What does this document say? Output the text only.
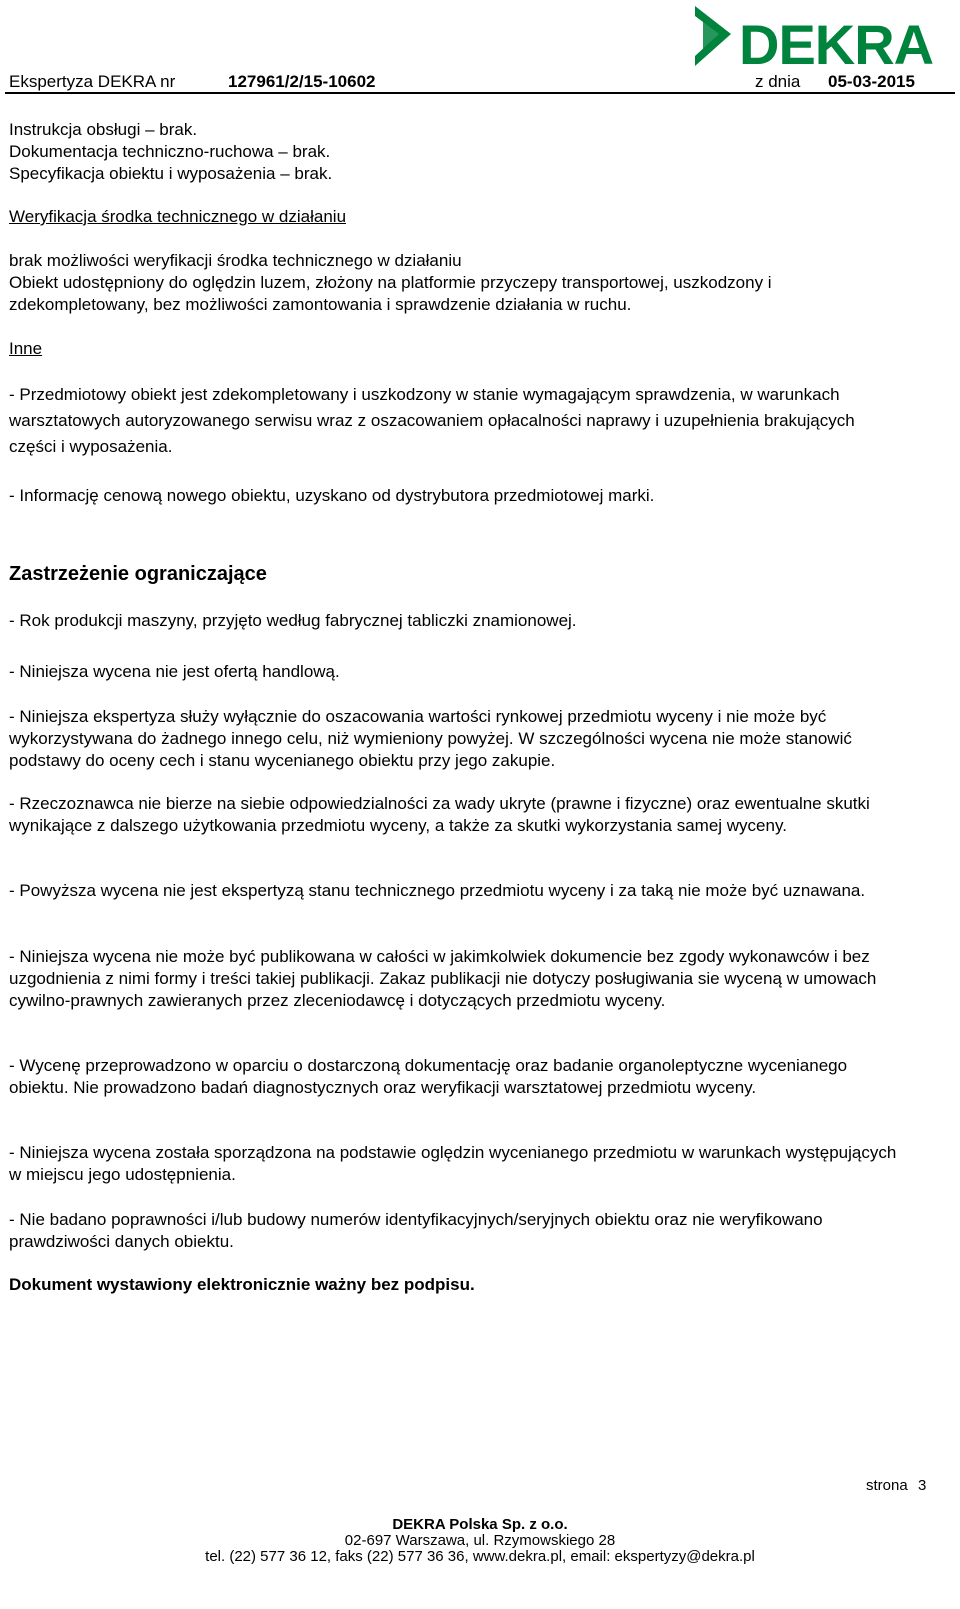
DEKRA
Ekspertyza DEKRA nr	127961/2/15-10602	z dnia 05-03-2015

Instrukcja obsługi – brak.

Dokumentacja techniczno-ruchowa – brak.

Specyfikacja obiektu i wyposażenia – brak.

Weryfikacja środka technicznego w działaniu

brak możliwości weryfikacji środka technicznego w działaniu

Obiekt udostępniony do oględzin luzem, złożony na platformie przyczepy transportowej, uszkodzony i zdekompletowany, bez możliwości zamontowania i sprawdzenie działania w ruchu.

Inne
- Przedmiotowy obiekt jest zdekompletowany i uszkodzony w stanie wymagającym sprawdzenia, w warunkach warsztatowych autoryzowanego serwisu wraz z oszacowaniem opłacalności naprawy i uzupełnienia brakujących części i wyposażenia.
- Informację cenową nowego obiektu, uzyskano od dystrybutora przedmiotowej marki.
Zastrzeżenie ograniczające
- Rok produkcji maszyny, przyjęto według fabrycznej tabliczki znamionowej.
- Niniejsza wycena nie jest ofertą handlową.
- Niniejsza ekspertyza służy wyłącznie do oszacowania wartości rynkowej przedmiotu wyceny i nie może być wykorzystywana do żadnego innego celu, niż wymieniony powyżej. W szczególności wycena nie może stanowić podstawy do oceny cech i stanu wycenianego obiektu przy jego zakupie.
- Rzeczoznawca nie bierze na siebie odpowiedzialności za wady ukryte (prawne i fizyczne) oraz ewentualne skutki wynikające z dalszego użytkowania przedmiotu wyceny, a także za skutki wykorzystania samej wyceny.
- Powyższa wycena nie jest ekspertyzą stanu technicznego przedmiotu wyceny i za taką nie może być uznawana.
- Niniejsza wycena nie może być publikowana w całości w jakimkolwiek dokumencie bez zgody wykonawców i bez uzgodnienia z nimi formy i treści takiej publikacji. Zakaz publikacji nie dotyczy posługiwania sie wyceną w umowach cywilno-prawnych zawieranych przez zleceniodawcę i dotyczących przedmiotu wyceny.
- Wycenę przeprowadzono w oparciu o dostarczoną dokumentację oraz badanie organoleptyczne wycenianego obiektu. Nie prowadzono badań diagnostycznych oraz weryfikacji warsztatowej przedmiotu wyceny.
- Niniejsza wycena została sporządzona na podstawie oględzin wycenianego przedmiotu w warunkach występujących w miejscu jego udostępnienia.
- Nie badano poprawności i/lub budowy numerów identyfikacyjnych/seryjnych obiektu oraz nie weryfikowano prawdziwości danych obiektu.
Dokument wystawiony elektronicznie ważny bez podpisu.
strona 3
DEKRA Polska Sp. z o.o.
02-697 Warszawa, ul. Rzymowskiego 28
tel. (22) 577 36 12, faks (22) 577 36 36, www.dekra.pl, email: ekspertyzy@dekra.pl
